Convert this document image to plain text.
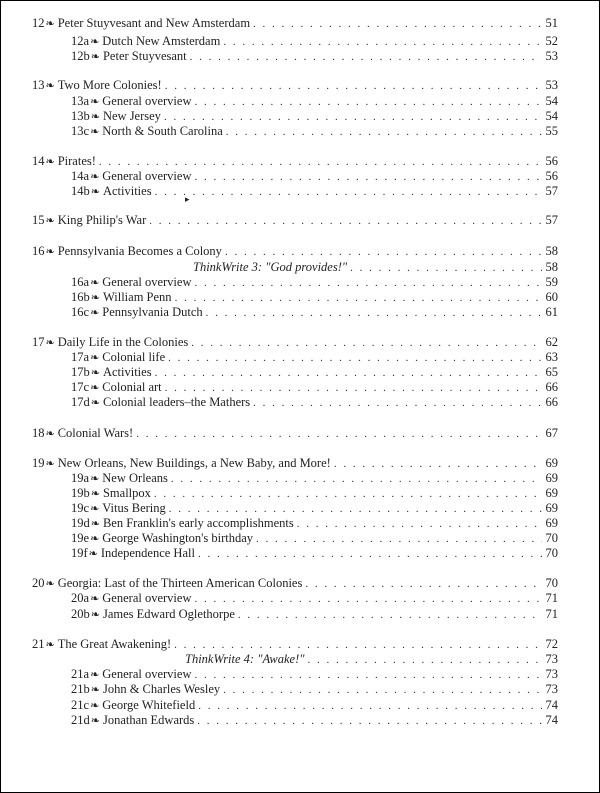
12 ❧ Peter Stuyvesant and New Amsterdam . . .	51
12a ❧ Dutch New Amsterdam . . .	52
12b ❧ Peter Stuyvesant . . .	53
13 ❧ Two More Colonies! . . .	53
13a ❧ General overview . . .	54
13b ❧ New Jersey . . .	54
13c ❧ North & South Carolina . . .	55
14 ❧ Pirates! . . .	56
14a ❧ General overview . . .	56
14b ❧ Activities . . .	57
15 ❧ King Philip's War . . .	57
16 ❧ Pennsylvania Becomes a Colony . . .	58
ThinkWrite 3: "God provides!" . . .	58
16a ❧ General overview . . .	59
16b ❧ William Penn . . .	60
16c ❧ Pennsylvania Dutch . . .	61
17 ❧ Daily Life in the Colonies . . .	62
17a ❧ Colonial life . . .	63
17b ❧ Activities . . .	65
17c ❧ Colonial art . . .	66
17d ❧ Colonial leaders–the Mathers . . .	66
18 ❧ Colonial Wars! . . .	67
19 ❧ New Orleans, New Buildings, a New Baby, and More! . . .	69
19a ❧ New Orleans . . .	69
19b ❧ Smallpox . . .	69
19c ❧ Vitus Bering . . .	69
19d ❧ Ben Franklin's early accomplishments . . .	69
19e ❧ George Washington's birthday . . .	70
19f ❧ Independence Hall . . .	70
20 ❧ Georgia: Last of the Thirteen American Colonies . . .	70
20a ❧ General overview . . .	71
20b ❧ James Edward Oglethorpe . . .	71
21 ❧ The Great Awakening! . . .	72
ThinkWrite 4: "Awake!" . . .	73
21a ❧ General overview . . .	73
21b ❧ John & Charles Wesley . . .	73
21c ❧ George Whitefield . . .	74
21d ❧ Jonathan Edwards . . .	74
▸
